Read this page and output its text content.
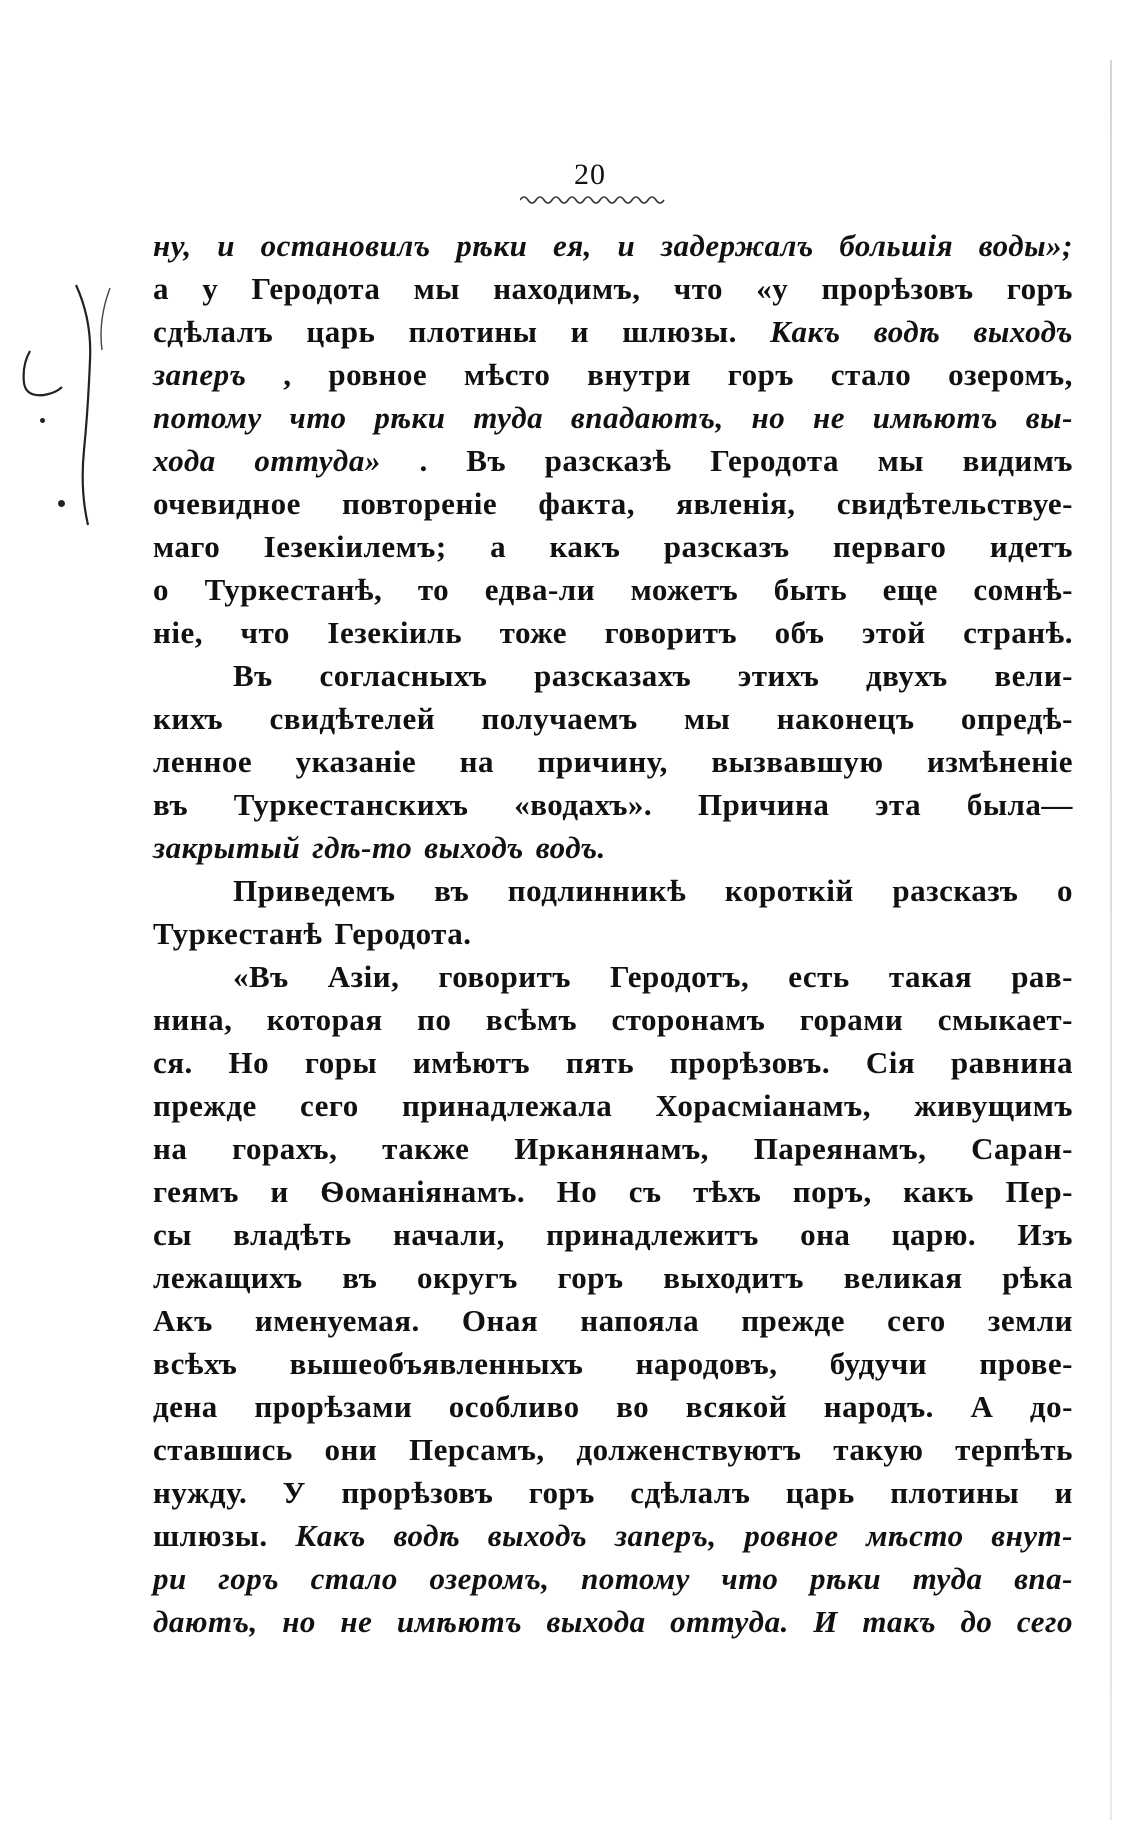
20
ну, и остановилъ рѣки ея, и задержалъ большія воды»;
а у Геродота мы находимъ, что «у прорѣзовъ горъ
сдѣлалъ царь плотины и шлюзы. Какъ водѣ выходъ
заперъ , ровное мѣсто внутри горъ стало озеромъ,
потому что рѣки туда впадаютъ, но не имѣютъ вы-
хода оттуда» . Въ разсказѣ Геродота мы видимъ
очевидное повтореніе факта, явленія, свидѣтельствуе-
маго Іезекіилемъ; а какъ разсказъ перваго идетъ
о Туркестанѣ, то едва-ли можетъ быть еще сомнѣ-
ніе, что Іезекіиль тоже говоритъ объ этой странѣ.
Въ согласныхъ разсказахъ этихъ двухъ вели-
кихъ свидѣтелей получаемъ мы наконецъ опредѣ-
ленное указаніе на причину, вызвавшую измѣненіе
въ Туркестанскихъ «водахъ». Причина эта была—
закрытый гдѣ-то выходъ водъ.
Приведемъ въ подлинникѣ короткій разсказъ о
Туркестанѣ Геродота.
«Въ Азіи, говоритъ Геродотъ, есть такая рав-
нина, которая по всѣмъ сторонамъ горами смыкает-
ся. Но горы имѣютъ пять прорѣзовъ. Сія равнина
прежде сего принадлежала Хорасміанамъ, живущимъ
на горахъ, также Ирканянамъ, Пареянамъ, Саран-
геямъ и Ѳоманіянамъ. Но съ тѣхъ поръ, какъ Пер-
сы владѣть начали, принадлежитъ она царю. Изъ
лежащихъ въ округъ горъ выходитъ великая рѣка
Акъ именуемая. Оная напояла прежде сего земли
всѣхъ вышеобъявленныхъ народовъ, будучи прове-
дена прорѣзами особливо во всякой народъ. А до-
ставшись они Персамъ, долженствуютъ такую терпѣть
нужду. У прорѣзовъ горъ сдѣлалъ царь плотины и
шлюзы. Какъ водѣ выходъ заперъ, ровное мѣсто внут-
ри горъ стало озеромъ, потому что рѣки туда впа-
даютъ, но не имѣютъ выхода оттуда. И такъ до сего
